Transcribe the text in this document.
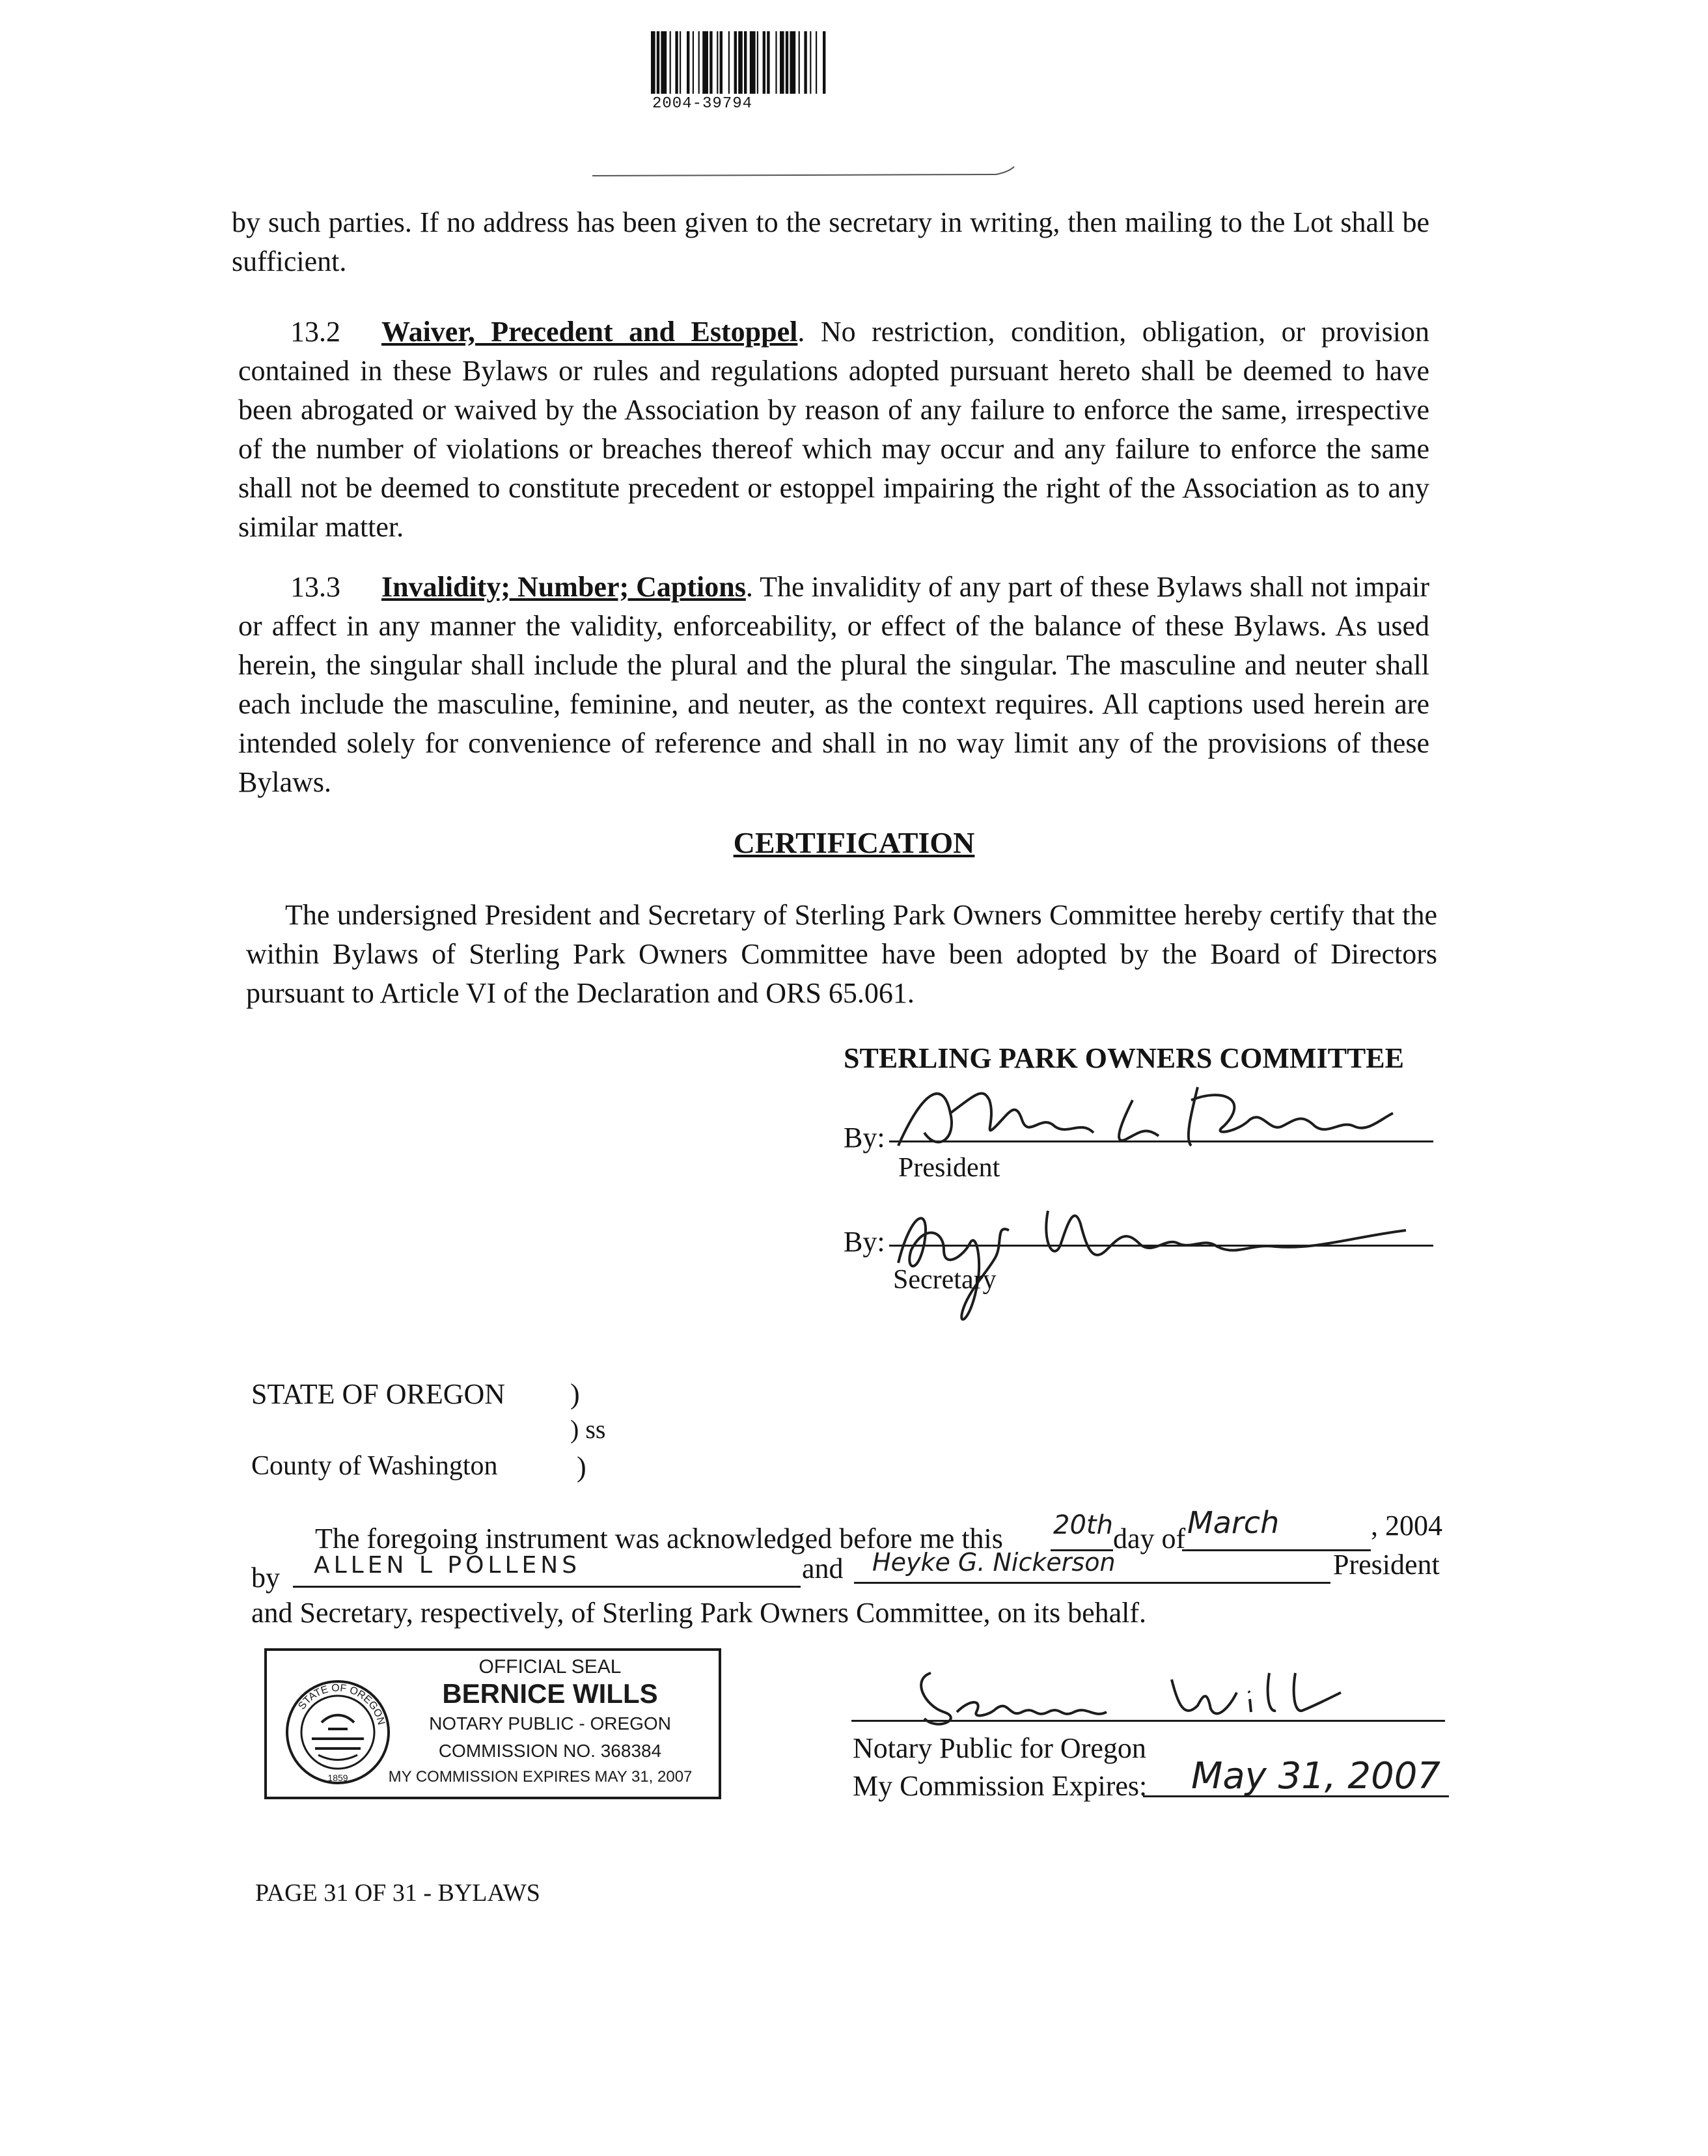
2004-39794
by such parties. If no address has been given to the secretary in writing, then mailing to the Lot shall be sufficient.
13.2 Waiver, Precedent and Estoppel. No restriction, condition, obligation, or provision contained in these Bylaws or rules and regulations adopted pursuant hereto shall be deemed to have been abrogated or waived by the Association by reason of any failure to enforce the same, irrespective of the number of violations or breaches thereof which may occur and any failure to enforce the same shall not be deemed to constitute precedent or estoppel impairing the right of the Association as to any similar matter.
13.3 Invalidity; Number; Captions. The invalidity of any part of these Bylaws shall not impair or affect in any manner the validity, enforceability, or effect of the balance of these Bylaws. As used herein, the singular shall include the plural and the plural the singular. The masculine and neuter shall each include the masculine, feminine, and neuter, as the context requires. All captions used herein are intended solely for convenience of reference and shall in no way limit any of the provisions of these Bylaws.
CERTIFICATION
The undersigned President and Secretary of Sterling Park Owners Committee hereby certify that the within Bylaws of Sterling Park Owners Committee have been adopted by the Board of Directors pursuant to Article VI of the Declaration and ORS 65.061.
STERLING PARK OWNERS COMMITTEE
By:
President
By:
Secretary
STATE OF OREGON )
) ss
County of Washington	)
The foregoing instrument was acknowledged before me this 20th day of March	, 2004
by ALLEN L POLLENS	and Heyke G. Nickerson	President
and Secretary, respectively, of Sterling Park Owners Committee, on its behalf.
STATE OF OREGON
1859
OFFICIAL SEAL
BERNICE WILLS
NOTARY PUBLIC - OREGON
COMMISSION NO. 368384
MY COMMISSION EXPIRES MAY 31, 2007
Notary Public for Oregon
My Commission Expires: May 31, 2007
PAGE 31 OF 31 - BYLAWS
